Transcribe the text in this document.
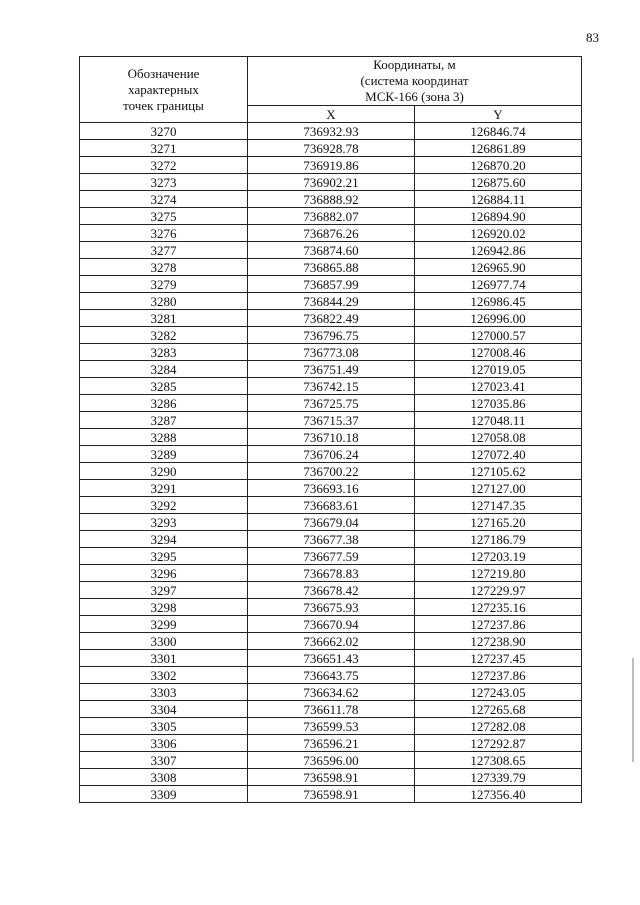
83
Обозначение
характерных
точек границы	Координаты, м
(система координат
МСК-166 (зона 3)	

	X	Y
3270	736932.93	126846.74
3271	736928.78	126861.89
3272	736919.86	126870.20
3273	736902.21	126875.60
3274	736888.92	126884.11
3275	736882.07	126894.90
3276	736876.26	126920.02
3277	736874.60	126942.86
3278	736865.88	126965.90
3279	736857.99	126977.74
3280	736844.29	126986.45
3281	736822.49	126996.00
3282	736796.75	127000.57
3283	736773.08	127008.46
3284	736751.49	127019.05
3285	736742.15	127023.41
3286	736725.75	127035.86
3287	736715.37	127048.11
3288	736710.18	127058.08
3289	736706.24	127072.40
3290	736700.22	127105.62
3291	736693.16	127127.00
3292	736683.61	127147.35
3293	736679.04	127165.20
3294	736677.38	127186.79
3295	736677.59	127203.19
3296	736678.83	127219.80
3297	736678.42	127229.97
3298	736675.93	127235.16
3299	736670.94	127237.86
3300	736662.02	127238.90
3301	736651.43	127237.45
3302	736643.75	127237.86
3303	736634.62	127243.05
3304	736611.78	127265.68
3305	736599.53	127282.08
3306	736596.21	127292.87
3307	736596.00	127308.65
3308	736598.91	127339.79
3309	736598.91	127356.40
